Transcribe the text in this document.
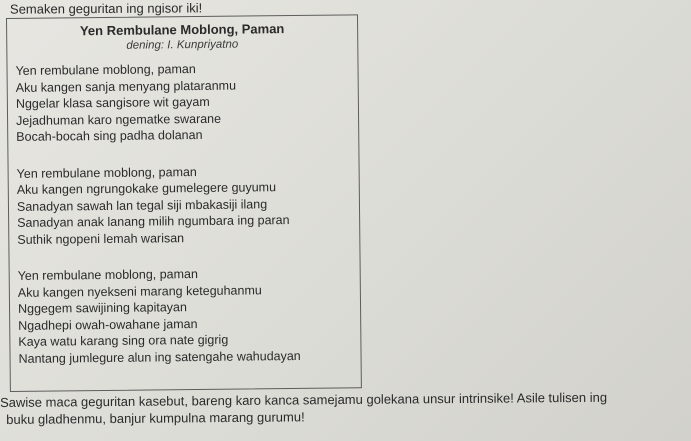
Semaken geguritan ing ngisor iki!
Yen Rembulane Moblong, Paman
dening: I. Kunpriyatno
Yen rembulane moblong, paman
Aku kangen sanja menyang plataranmu
Nggelar klasa sangisore wit gayam
Jejadhuman karo ngematke swarane
Bocah-bocah sing padha dolanan
Yen rembulane moblong, paman
Aku kangen ngrungokake gumelegere guyumu
Sanadyan sawah lan tegal siji mbakasiji ilang
Sanadyan anak lanang milih ngumbara ing paran
Suthik ngopeni lemah warisan
Yen rembulane moblong, paman
Aku kangen nyekseni marang keteguhanmu
Nggegem sawijining kapitayan
Ngadhepi owah-owahane jaman
Kaya watu karang sing ora nate gigrig
Nantang jumlegure alun ing satengahe wahudayan
Sawise maca geguritan kasebut, bareng karo kanca samejamu golekana unsur intrinsike! Asile tulisen ing
buku gladhenmu, banjur kumpulna marang gurumu!
